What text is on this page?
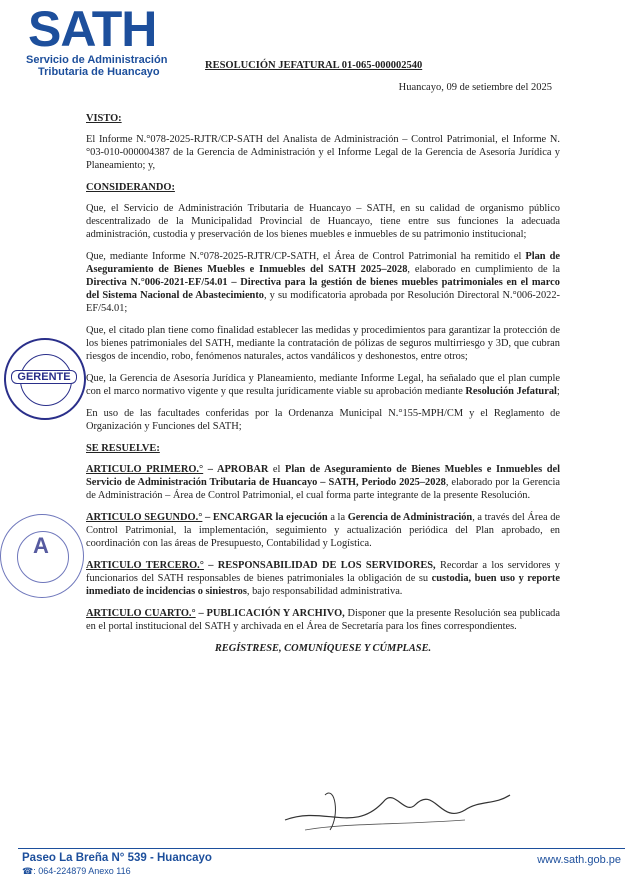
SATH
Servicio de Administración
Tributaria de Huancayo
RESOLUCIÓN JEFATURAL 01-065-000002540
Huancayo, 09 de setiembre del 2025
VISTO:

El Informe N.°078-2025-RJTR/CP-SATH del Analista de Administración – Control Patrimonial, el Informe N.°03-010-000004387 de la Gerencia de Administración y el Informe Legal de la Gerencia de Asesoría Jurídica y Planeamiento; y,

CONSIDERANDO:

Que, el Servicio de Administración Tributaria de Huancayo – SATH, en su calidad de organismo público descentralizado de la Municipalidad Provincial de Huancayo, tiene entre sus funciones la adecuada administración, custodia y preservación de los bienes muebles e inmuebles de su patrimonio institucional;

Que, mediante Informe N.°078-2025-RJTR/CP-SATH, el Área de Control Patrimonial ha remitido el Plan de Aseguramiento de Bienes Muebles e Inmuebles del SATH 2025–2028, elaborado en cumplimiento de la Directiva N.°006-2021-EF/54.01 – Directiva para la gestión de bienes muebles patrimoniales en el marco del Sistema Nacional de Abastecimiento, y su modificatoria aprobada por Resolución Directoral N.°006-2022-EF/54.01;

Que, el citado plan tiene como finalidad establecer las medidas y procedimientos para garantizar la protección de los bienes patrimoniales del SATH, mediante la contratación de pólizas de seguros multirriesgo y 3D, que cubran riesgos de incendio, robo, fenómenos naturales, actos vandálicos y deshonestos, entre otros;

Que, la Gerencia de Asesoría Jurídica y Planeamiento, mediante Informe Legal, ha señalado que el plan cumple con el marco normativo vigente y que resulta jurídicamente viable su aprobación mediante Resolución Jefatural;

En uso de las facultades conferidas por la Ordenanza Municipal N.°155-MPH/CM y el Reglamento de Organización y Funciones del SATH;

SE RESUELVE:

ARTICULO PRIMERO.° – APROBAR el Plan de Aseguramiento de Bienes Muebles e Inmuebles del Servicio de Administración Tributaria de Huancayo – SATH, Periodo 2025–2028, elaborado por la Gerencia de Administración – Área de Control Patrimonial, el cual forma parte integrante de la presente Resolución.

ARTICULO SEGUNDO.° – ENCARGAR la ejecución a la Gerencia de Administración, a través del Área de Control Patrimonial, la implementación, seguimiento y actualización periódica del Plan aprobado, en coordinación con las áreas de Presupuesto, Contabilidad y Logística.

ARTICULO TERCERO.° – RESPONSABILIDAD DE LOS SERVIDORES, Recordar a los servidores y funcionarios del SATH responsables de bienes patrimoniales la obligación de su custodia, buen uso y reporte inmediato de incidencias o siniestros, bajo responsabilidad administrativa.

ARTICULO CUARTO.° – PUBLICACIÓN Y ARCHIVO, Disponer que la presente Resolución sea publicada en el portal institucional del SATH y archivada en el Área de Secretaría para los fines correspondientes.

REGÍSTRESE, COMUNÍQUESE Y CÚMPLASE.
GERENTE
A
Paseo La Breña N° 539 - Huancayo
☎: 064-224879 Anexo 116
www.sath.gob.pe
